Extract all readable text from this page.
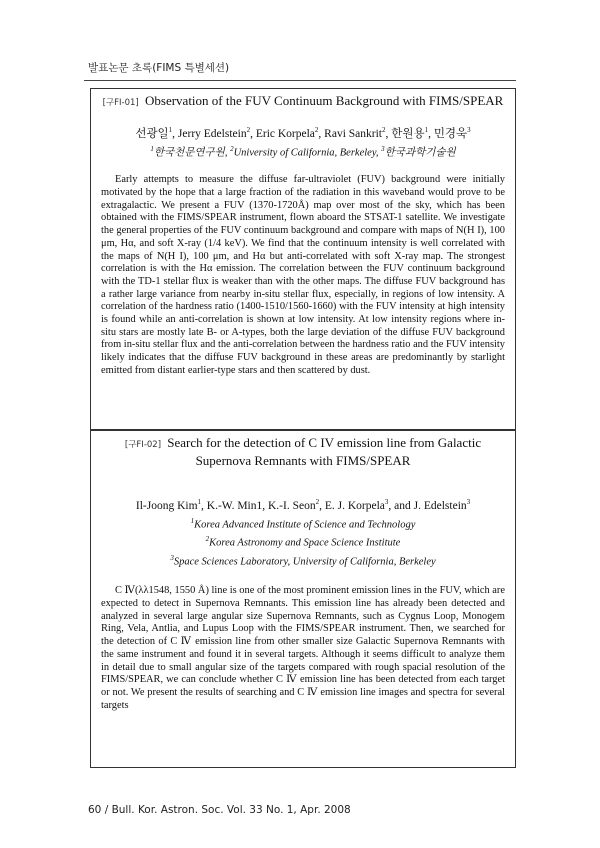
발표논문 초록(FIMS 특별세션)
[구FI-01] Observation of the FUV Continuum Background with FIMS/SPEAR
선광일$^1$, Jerry Edelstein$^2$, Eric Korpela$^2$, Ravi Sankrit$^2$, 한원용$^1$, 민경욱$^3$
$^1$한국천문연구원, $^2$University of California, Berkeley, $^3$한국과학기술원

Early attempts to measure the diffuse far-ultraviolet (FUV) background were initially motivated by the hope that a large fraction of the radiation in this waveband would prove to be extragalactic. We present a FUV (1370-1720Å) map over most of the sky, which has been obtained with the FIMS/SPEAR instrument, flown aboard the STSAT-1 satellite. We investigate the general properties of the FUV continuum background and compare with maps of N(H I), 100 μm, Hα, and soft X-ray (1/4 keV). We find that the continuum intensity is well correlated with the maps of N(H I), 100 μm, and Hα but anti-correlated with soft X-ray map. The strongest correlation is with the Hα emission. The correlation between the FUV continuum background with the TD-1 stellar flux is weaker than with the other maps. The diffuse FUV background has a rather large variance from nearby in-situ stellar flux, especially, in regions of low intensity. A correlation of the hardness ratio (1400-1510/1560-1660) with the FUV intensity at high intensity is found while an anti-correlation is shown at low intensity. At low intensity regions where in-situ stars are mostly late B- or A-types, both the large deviation of the diffuse FUV background from in-situ stellar flux and the anti-correlation between the hardness ratio and the FUV intensity likely indicates that the diffuse FUV background in these areas are predominantly by starlight emitted from distant earlier-type stars and then scattered by dust.

[구FI-02] Search for the detection of C IV emission line from Galactic Supernova Remnants with FIMS/SPEAR
Il-Joong Kim$^1$, K.-W. Min1, K.-I. Seon$^2$, E. J. Korpela$^3$, and J. Edelstein$^3$
$^1$Korea Advanced Institute of Science and Technology
$^2$Korea Astronomy and Space Science Institute
$^3$Space Sciences Laboratory, University of California, Berkeley

C Ⅳ(λλ1548, 1550 Å) line is one of the most prominent emission lines in the FUV, which are expected to detect in Supernova Remnants. This emission line has already been detected and analyzed in several large angular size Supernova Remnants, such as Cygnus Loop, Monogem Ring, Vela, Antlia, and Lupus Loop with the FIMS/SPEAR instrument. Then, we searched for the detection of C Ⅳ emission line from other smaller size Galactic Supernova Remnants with the same instrument and found it in several targets. Although it seems difficult to analyze them in detail due to small angular size of the targets compared with rough spacial resolution of the FIMS/SPEAR, we can conclude whether C Ⅳ emission line has been detected from each target or not. We present the results of searching and C Ⅳ emission line images and spectra for several targets

60 / Bull. Kor. Astron. Soc. Vol. 33 No. 1, Apr. 2008
